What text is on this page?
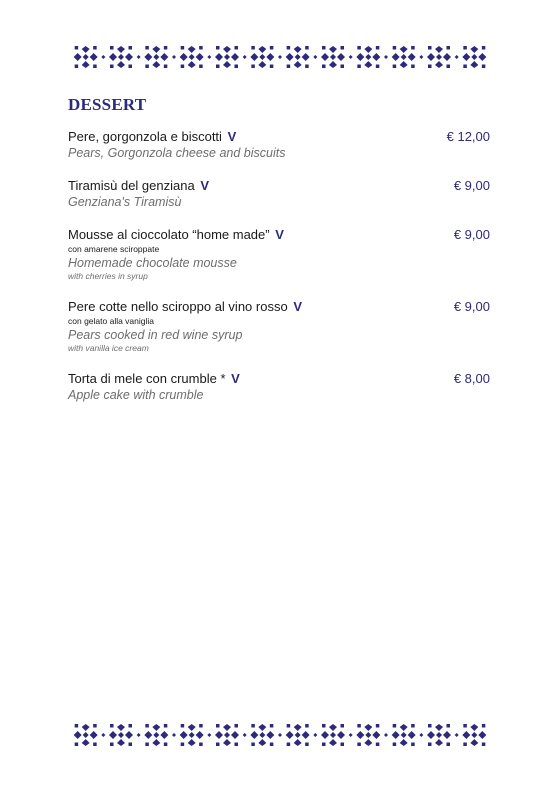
DESSERT
Pere, gorgonzola e biscotti V
Pears, Gorgonzola cheese and biscuits
€ 12,00
Tiramisù del genziana V
Genziana's Tiramisù
€ 9,00
Mousse al cioccolato “home made” V
con amarene sciroppate
Homemade chocolate mousse
with cherries in syrup
€ 9,00
Pere cotte nello sciroppo al vino rosso V
con gelato alla vaniglia
Pears cooked in red wine syrup
with vanilla ice cream
€ 9,00
Torta di mele con crumble * V
Apple cake with crumble
€ 8,00
